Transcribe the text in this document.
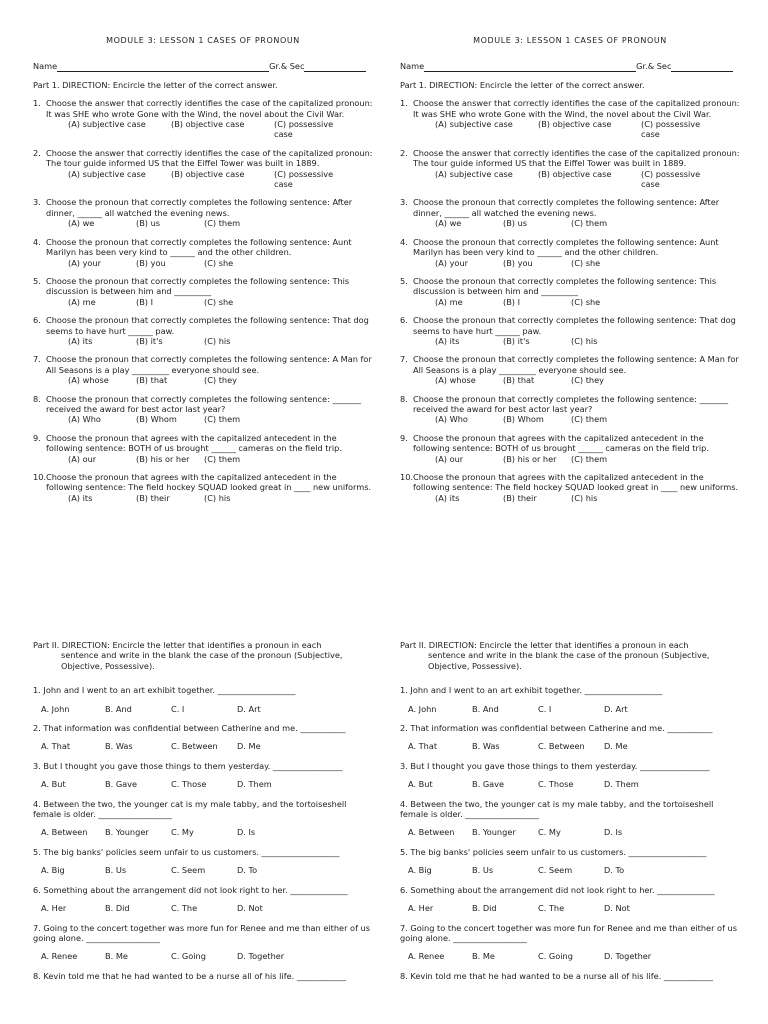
MODULE 3: LESSON 1 CASES OF PRONOUN
Name	Gr.& Sec
Part 1. DIRECTION: Encircle the letter of the correct answer.
1. Choose the answer that correctly identifies the case of the capitalized pronoun: It was SHE who wrote Gone with the Wind, the novel about the Civil War.
(A) subjective case	(B) objective case	(C) possessive case
2. Choose the answer that correctly identifies the case of the capitalized pronoun: The tour guide informed US that the Eiffel Tower was built in 1889.
(A) subjective case	(B) objective case	(C) possessive case
3. Choose the pronoun that correctly completes the following sentence: After dinner, ______ all watched the evening news.
(A) we	(B) us	(C) them
4. Choose the pronoun that correctly completes the following sentence: Aunt Marilyn has been very kind to ______ and the other children.
(A) your	(B) you	(C) she
5. Choose the pronoun that correctly completes the following sentence: This discussion is between him and _________
(A) me	(B) I	(C) she
6. Choose the pronoun that correctly completes the following sentence: That dog seems to have hurt ______ paw.
(A) its	(B) it's	(C) his
7. Choose the pronoun that correctly completes the following sentence: A Man for All Seasons is a play _________ everyone should see.
(A) whose	(B) that	(C) they
8. Choose the pronoun that correctly completes the following sentence: _______ received the award for best actor last year?
(A) Who	(B) Whom	(C) them
9. Choose the pronoun that agrees with the capitalized antecedent in the following sentence: BOTH of us brought ______ cameras on the field trip.
(A) our	(B) his or her	(C) them
10. Choose the pronoun that agrees with the capitalized antecedent in the following sentence: The field hockey SQUAD looked great in ____ new uniforms.
(A) its	(B) their	(C) his
MODULE 3: LESSON 1 CASES OF PRONOUN
Name	Gr.& Sec
Part 1. DIRECTION: Encircle the letter of the correct answer.
1. Choose the answer that correctly identifies the case of the capitalized pronoun: It was SHE who wrote Gone with the Wind, the novel about the Civil War.
(A) subjective case	(B) objective case	(C) possessive case
2. Choose the answer that correctly identifies the case of the capitalized pronoun: The tour guide informed US that the Eiffel Tower was built in 1889.
(A) subjective case	(B) objective case	(C) possessive case
3. Choose the pronoun that correctly completes the following sentence: After dinner, ______ all watched the evening news.
(A) we	(B) us	(C) them
4. Choose the pronoun that correctly completes the following sentence: Aunt Marilyn has been very kind to ______ and the other children.
(A) your	(B) you	(C) she
5. Choose the pronoun that correctly completes the following sentence: This discussion is between him and _________
(A) me	(B) I	(C) she
6. Choose the pronoun that correctly completes the following sentence: That dog seems to have hurt ______ paw.
(A) its	(B) it's	(C) his
7. Choose the pronoun that correctly completes the following sentence: A Man for All Seasons is a play _________ everyone should see.
(A) whose	(B) that	(C) they
8. Choose the pronoun that correctly completes the following sentence: _______ received the award for best actor last year?
(A) Who	(B) Whom	(C) them
9. Choose the pronoun that agrees with the capitalized antecedent in the following sentence: BOTH of us brought ______ cameras on the field trip.
(A) our	(B) his or her	(C) them
10. Choose the pronoun that agrees with the capitalized antecedent in the following sentence: The field hockey SQUAD looked great in ____ new uniforms.
(A) its	(B) their	(C) his
Part II. DIRECTION: Encircle the letter that identifies a pronoun in each
sentence and write in the blank the case of the pronoun (Subjective, Objective, Possessive).
1. John and I went to an art exhibit together. ___________________
A. John	B. And	C. I	D. Art
2. That information was confidential between Catherine and me. ___________
A. That	B. Was	C. Between	D. Me
3. But I thought you gave those things to them yesterday. _________________
A. But	B. Gave	C. Those	D. Them
4. Between the two, the younger cat is my male tabby, and the tortoiseshell female is older. __________________
A. Between	B. Younger	C. My	D. Is
5. The big banks' policies seem unfair to us customers. ___________________
A. Big	B. Us	C. Seem	D. To
6. Something about the arrangement did not look right to her. ______________
A. Her	B. Did	C. The	D. Not
7. Going to the concert together was more fun for Renee and me than either of us going alone. __________________
A. Renee	B. Me	C. Going	D. Together
8. Kevin told me that he had wanted to be a nurse all of his life. ____________
Part II. DIRECTION: Encircle the letter that identifies a pronoun in each
sentence and write in the blank the case of the pronoun (Subjective, Objective, Possessive).
1. John and I went to an art exhibit together. ___________________
A. John	B. And	C. I	D. Art
2. That information was confidential between Catherine and me. ___________
A. That	B. Was	C. Between	D. Me
3. But I thought you gave those things to them yesterday. _________________
A. But	B. Gave	C. Those	D. Them
4. Between the two, the younger cat is my male tabby, and the tortoiseshell female is older. __________________
A. Between	B. Younger	C. My	D. Is
5. The big banks' policies seem unfair to us customers. ___________________
A. Big	B. Us	C. Seem	D. To
6. Something about the arrangement did not look right to her. ______________
A. Her	B. Did	C. The	D. Not
7. Going to the concert together was more fun for Renee and me than either of us going alone. __________________
A. Renee	B. Me	C. Going	D. Together
8. Kevin told me that he had wanted to be a nurse all of his life. ____________
